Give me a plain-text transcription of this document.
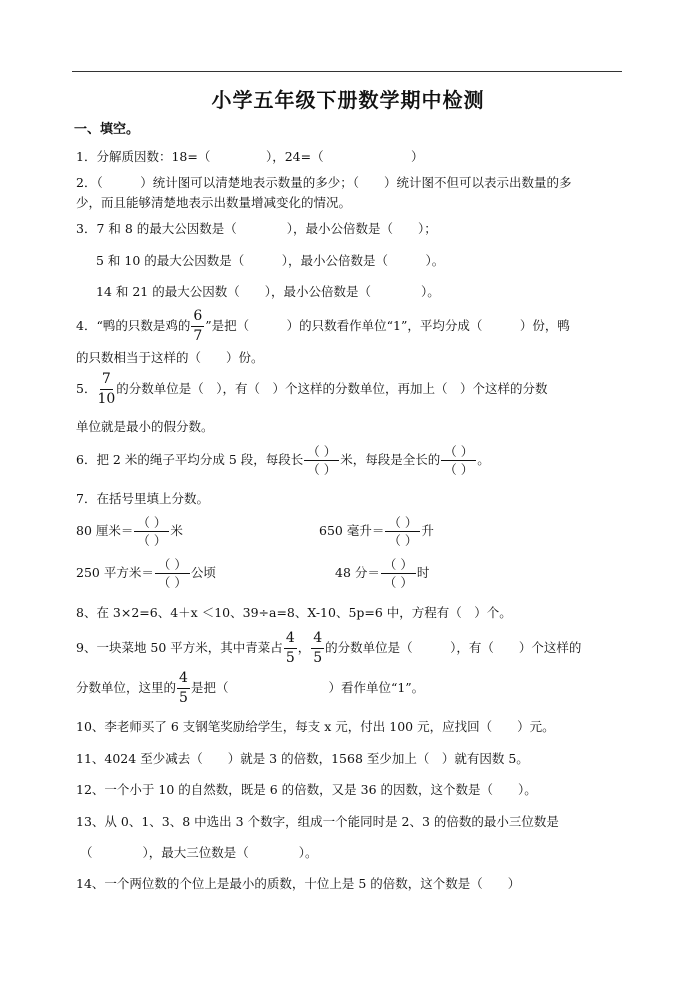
小学五年级下册数学期中检测
一、填空。
1．分解质因数：18=（	），24=（	）
2．（　　　）统计图可以清楚地表示数量的多少；（　　）统计图不但可以表示出数量的多
少，而且能够清楚地表示出数量增减变化的情况。
3．7 和 8 的最大公因数是（　　　　），最小公倍数是（　　）；
5 和 10 的最大公因数是（　　　），最小公倍数是（　　　）。
14 和 21 的最大公因数（　　），最小公倍数是（　　　　）。
4．“鸭的只数是鸡的 $\frac{6}{7}$ ”是把（　　　）的只数看作单位“1”，平均分成（　　　）份，鸭
的只数相当于这样的（　　）份。
5． $\frac{7}{10}$ 的分数单位是（　），有（　）个这样的分数单位，再加上（　）个这样的分数
单位就是最小的假分数。
6．把 2 米的绳子平均分成 5 段，每段长 $\frac{( )}{( )}$ 米，每段是全长的 $\frac{( )}{( )}$ 。
7．在括号里填上分数。
80 厘米＝ $\frac{( )}{( )}$ 米	650 毫升＝ $\frac{( )}{( )}$ 升
250 平方米＝ $\frac{( )}{( )}$ 公顷	48 分＝ $\frac{( )}{( )}$ 时
8、在 3×2=6、4＋x ＜10、39÷a=8、X-10、5p=6 中，方程有（　）个。
9、一块菜地 50 平方米，其中青菜占 $\frac{4}{5}$ ， $\frac{4}{5}$ 的分数单位是（　　　），有（　　）个这样的
分数单位，这里的 $\frac{4}{5}$ 是把（　　　　　　　　）看作单位“1”。
10、李老师买了 6 支钢笔奖励给学生，每支 x 元，付出 100 元，应找回（　　）元。
11、4024 至少减去（　　）就是 3 的倍数，1568 至少加上（　）就有因数 5。
12、一个小于 10 的自然数，既是 6 的倍数，又是 36 的因数，这个数是（　　）。
13、从 0、1、3、8 中选出 3 个数字，组成一个能同时是 2、3 的倍数的最小三位数是
（　　　　），最大三位数是（　　　　）。
14、一个两位数的个位上是最小的质数，十位上是 5 的倍数，这个数是（　　）
